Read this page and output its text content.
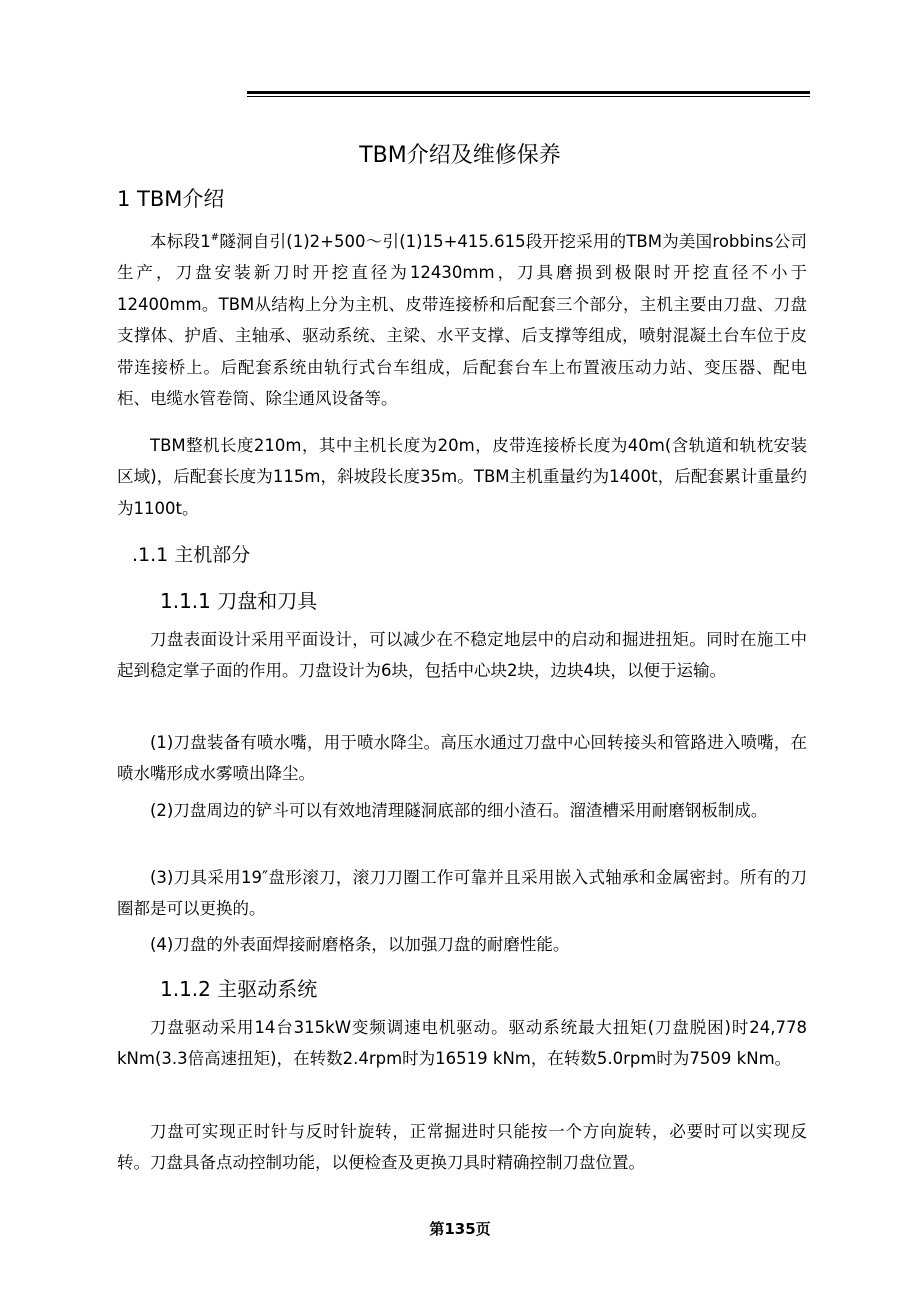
TBM介绍及维修保养
1 TBM介绍
本标段1#隧洞自引(1)2+500～引(1)15+415.615段开挖采用的TBM为美国robbins公司生产，刀盘安装新刀时开挖直径为12430mm，刀具磨损到极限时开挖直径不小于12400mm。TBM从结构上分为主机、皮带连接桥和后配套三个部分，主机主要由刀盘、刀盘支撑体、护盾、主轴承、驱动系统、主梁、水平支撑、后支撑等组成，喷射混凝土台车位于皮带连接桥上。后配套系统由轨行式台车组成，后配套台车上布置液压动力站、变压器、配电柜、电缆水管卷筒、除尘通风设备等。
TBM整机长度210m，其中主机长度为20m，皮带连接桥长度为40m(含轨道和轨枕安装区域)，后配套长度为115m，斜坡段长度35m。TBM主机重量约为1400t，后配套累计重量约为1100t。
.1.1 主机部分
1.1.1 刀盘和刀具
刀盘表面设计采用平面设计，可以减少在不稳定地层中的启动和掘进扭矩。同时在施工中起到稳定掌子面的作用。刀盘设计为6块，包括中心块2块，边块4块，以便于运输。
(1)刀盘装备有喷水嘴，用于喷水降尘。高压水通过刀盘中心回转接头和管路进入喷嘴，在喷水嘴形成水雾喷出降尘。
(2)刀盘周边的铲斗可以有效地清理隧洞底部的细小渣石。溜渣槽采用耐磨钢板制成。
(3)刀具采用19″盘形滚刀，滚刀刀圈工作可靠并且采用嵌入式轴承和金属密封。所有的刀圈都是可以更换的。
(4)刀盘的外表面焊接耐磨格条，以加强刀盘的耐磨性能。
1.1.2 主驱动系统
刀盘驱动采用14台315kW变频调速电机驱动。驱动系统最大扭矩(刀盘脱困)时24,778 kNm(3.3倍高速扭矩)，在转数2.4rpm时为16519 kNm，在转数5.0rpm时为7509 kNm。
刀盘可实现正时针与反时针旋转，正常掘进时只能按一个方向旋转，必要时可以实现反转。刀盘具备点动控制功能，以便检查及更换刀具时精确控制刀盘位置。
第135页
